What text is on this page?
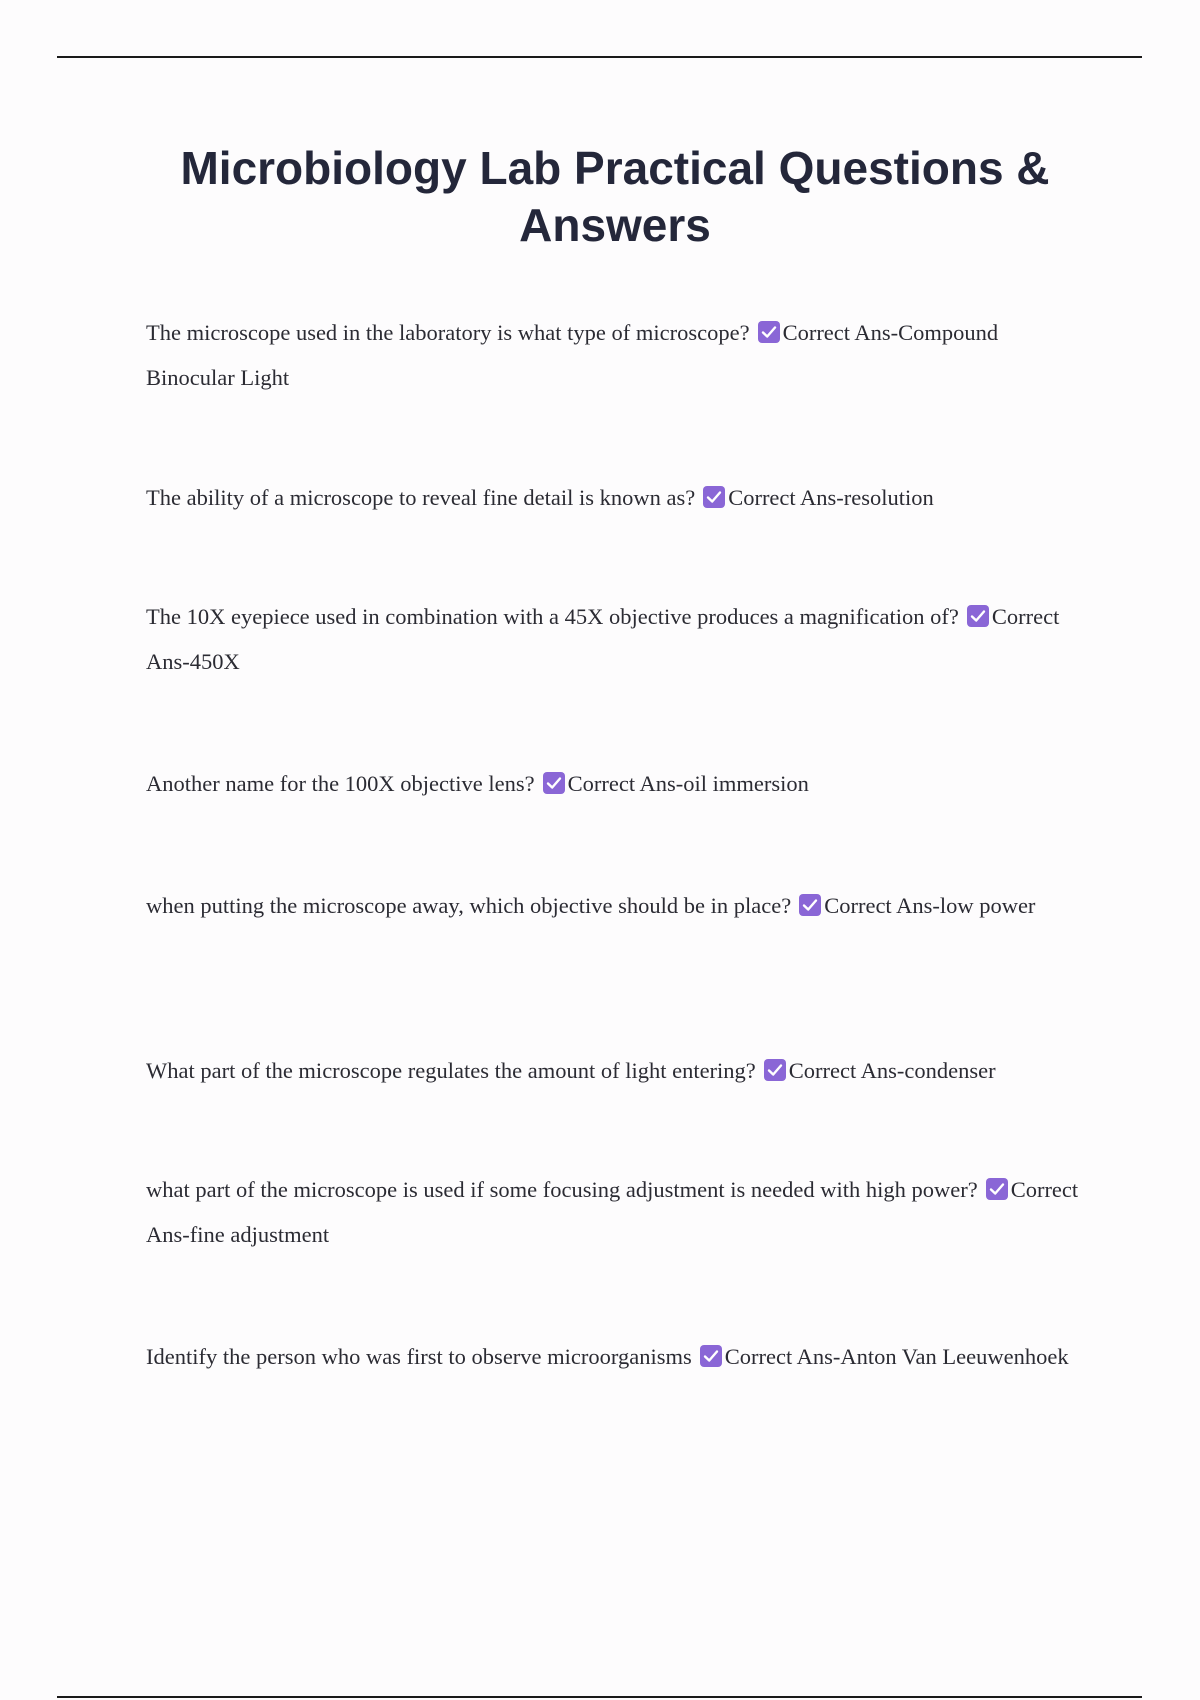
Microbiology Lab Practical Questions & Answers

The microscope used in the laboratory is what type of microscope? Correct Ans-Compound Binocular Light

The ability of a microscope to reveal fine detail is known as? Correct Ans-resolution

The 10X eyepiece used in combination with a 45X objective produces a magnification of? Correct Ans-450X

Another name for the 100X objective lens? Correct Ans-oil immersion

when putting the microscope away, which objective should be in place? Correct Ans-low power

What part of the microscope regulates the amount of light entering? Correct Ans-condenser

what part of the microscope is used if some focusing adjustment is needed with high power? Correct Ans-fine adjustment

Identify the person who was first to observe microorganisms Correct Ans-Anton Van Leeuwenhoek
